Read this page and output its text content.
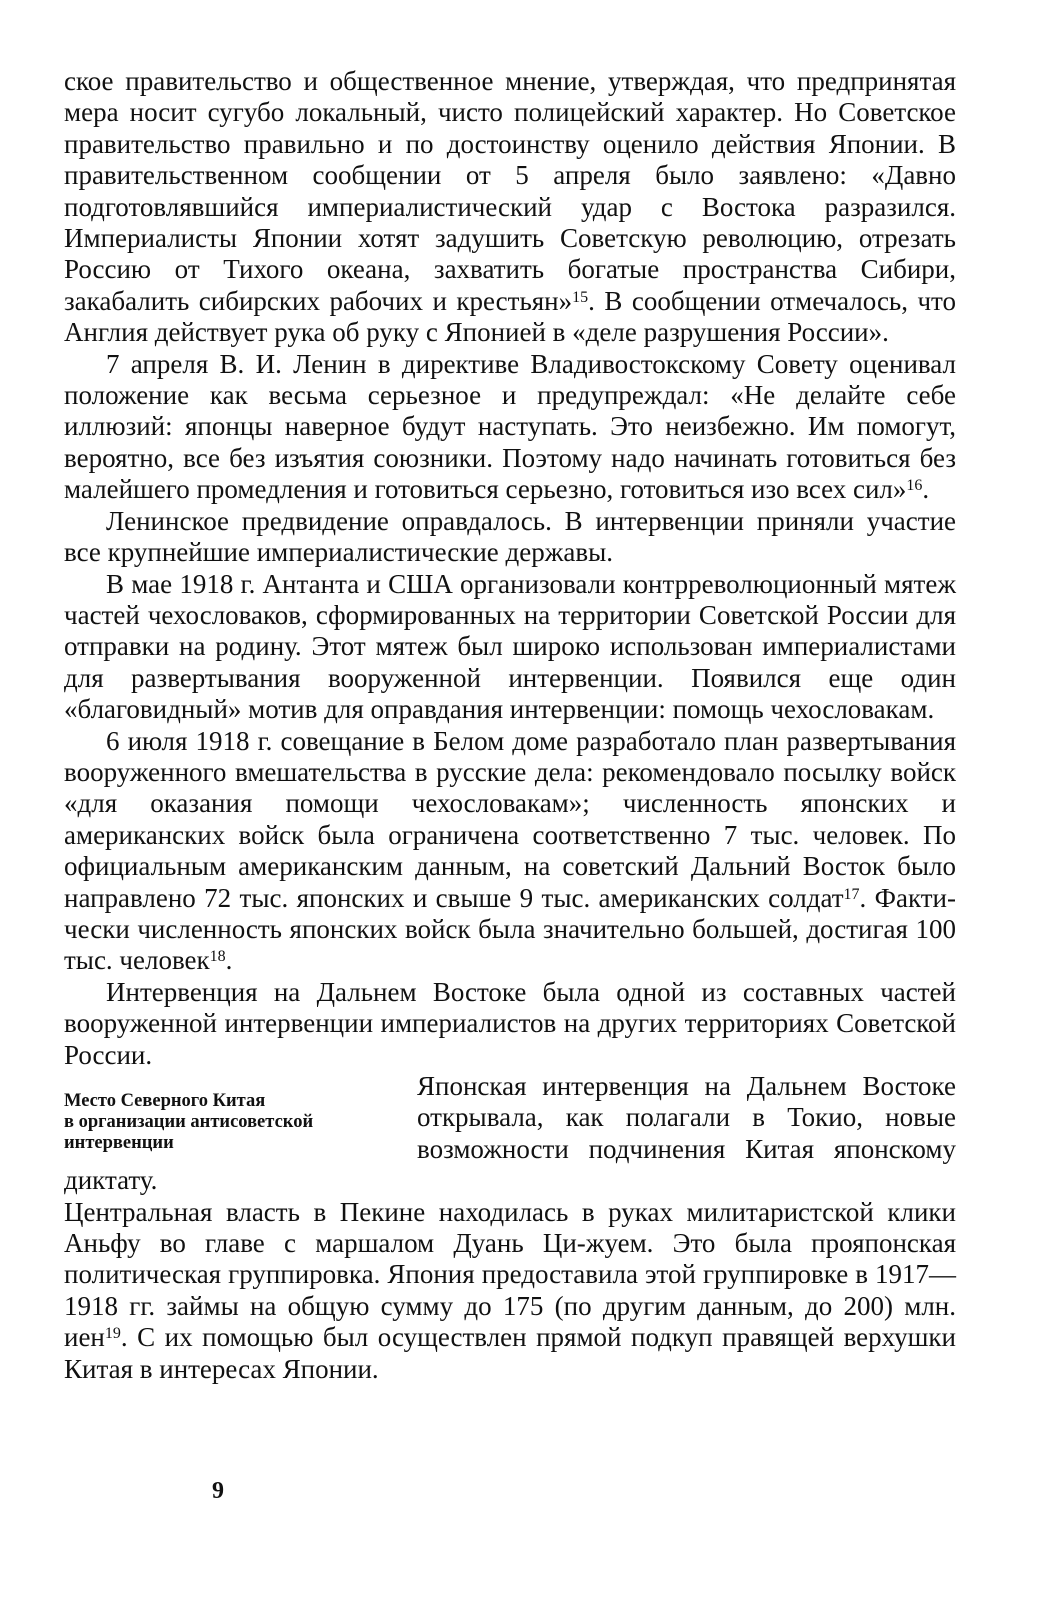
ское правительство и общественное мнение, утверждая, что предпринятая мера носит сугубо локальный, чисто полицейский характер. Но Советское правительство правильно и по достоинству оценило действия Японии. В правительственном сообщении от 5 апреля было заявлено: «Давно подготовлявшийся империалистический удар с Востока разразился. Империалисты Японии хотят задушить Советскую революцию, отрезать Россию от Тихого океана, захватить богатые пространства Сибири, закабалить сибирских рабочих и крестьян»$^{15}$. В сообщении отмечалось, что Англия действует рука об руку с Японией в «деле разрушения России».

7 апреля В. И. Ленин в директиве Владивостокскому Совету оценивал положение как весьма серьезное и предупреждал: «Не делайте себе иллюзий: японцы наверное будут наступать. Это неизбежно. Им помогут, вероятно, все без изъятия союзники. Поэтому надо начинать готовиться без малейшего промедления и готовиться серьезно, готовиться изо всех сил»$^{16}$.

Ленинское предвидение оправдалось. В интервенции приняли участие все крупнейшие империалистические державы.

В мае 1918 г. Антанта и США организовали контрреволюционный мятеж частей чехословаков, сформированных на территории Советской России для отправки на родину. Этот мятеж был широко использован империалистами для развертывания вооруженной интервенции. Появился еще один «благовидный» мотив для оправдания интервенции: помощь чехословакам.

6 июля 1918 г. совещание в Белом доме разработало план развертывания вооруженного вмешательства в русские дела: рекомендовало посылку войск «для оказания помощи чехословакам»; численность японских и американских войск была ограничена соответственно 7 тыс. человек. По официальным американским данным, на советский Дальний Восток было направлено 72 тыс. японских и свыше 9 тыс. американских солдат$^{17}$. Фактически численность японских войск была значительно большей, достигая 100 тыс. человек$^{18}$.

Интервенция на Дальнем Востоке была одной из составных частей вооруженной интервенции империалистов на других территориях Советской России.

Место Северного Китая
в организации антисоветской
интервенции

Японская интервенция на Дальнем Востоке открывала, как полагали в Токио, новые возможности подчинения Китая японскому диктату.

Центральная власть в Пекине находилась в руках милитаристской клики Аньфу во главе с маршалом Дуань Ци-жуем. Это была прояпонская политическая группировка. Япония предоставила этой группировке в 1917—1918 гг. займы на общую сумму до 175 (по другим данным, до 200) млн. иен$^{19}$. С их помощью был осуществлен прямой подкуп правящей верхушки Китая в интересах Японии.

9
